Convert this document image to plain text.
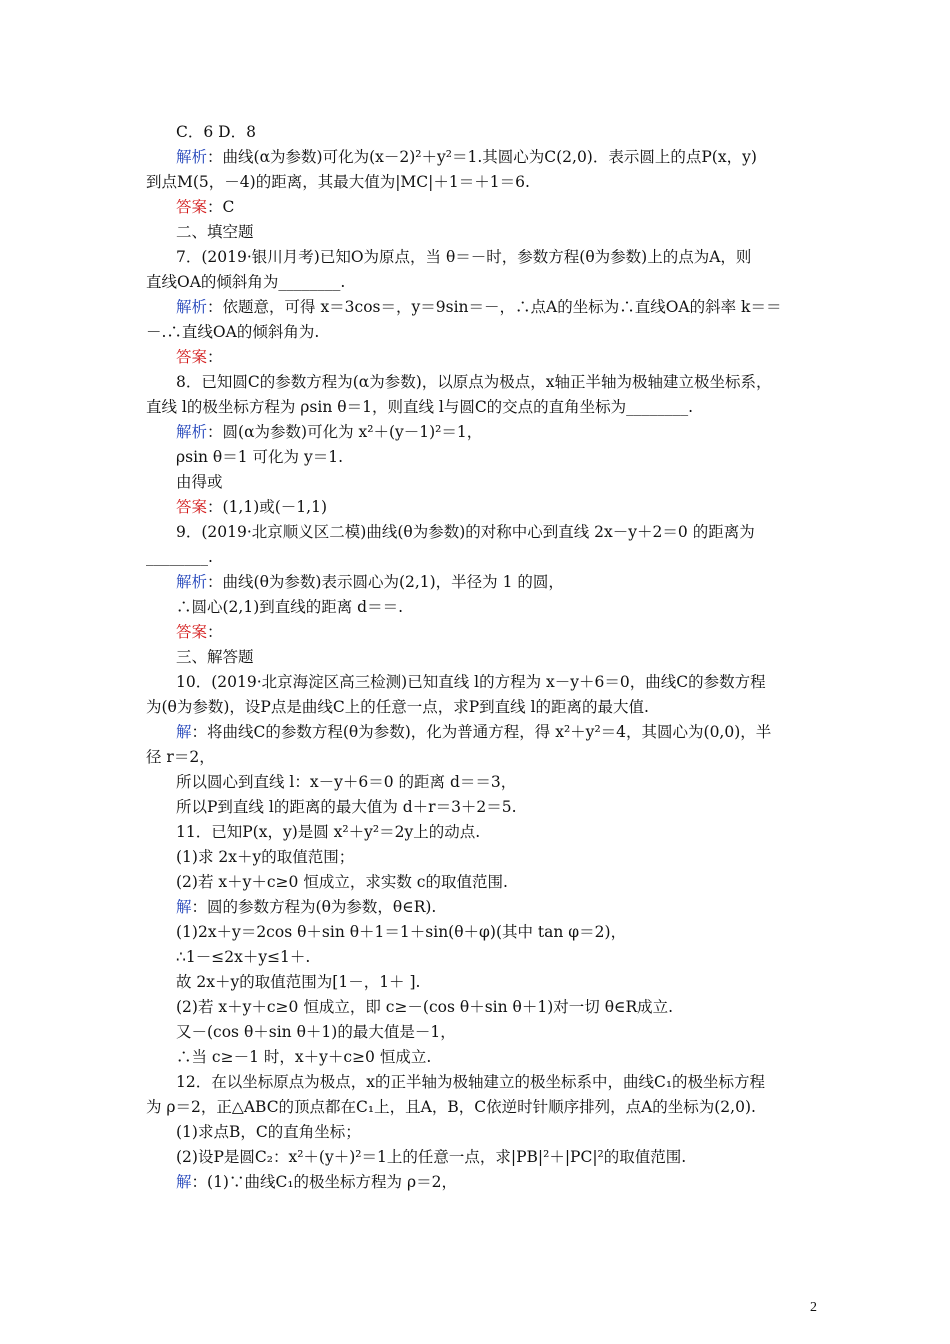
C．6 D．8
解析：曲线(α为参数)可化为(x－2)²＋y²＝1.其圆心为C(2,0)．表示圆上的点P(x，y)
到点M(5，－4)的距离，其最大值为|MC|＋1＝＋1＝6.
答案：C
二、填空题
7．(2019·银川月考)已知O为原点，当 θ＝－时，参数方程(θ为参数)上的点为A，则
直线OA的倾斜角为________.
解析：依题意，可得 x＝3cos＝，y＝9sin＝－，∴点A的坐标为∴直线OA的斜率 k＝＝
－.∴直线OA的倾斜角为.
答案：
8．已知圆C的参数方程为(α为参数)，以原点为极点，x轴正半轴为极轴建立极坐标系，
直线 l的极坐标方程为 ρsin θ＝1，则直线 l与圆C的交点的直角坐标为________.
解析：圆(α为参数)可化为 x²＋(y－1)²＝1，
ρsin θ＝1 可化为 y＝1.
由得或
答案：(1,1)或(－1,1)
9．(2019·北京顺义区二模)曲线(θ为参数)的对称中心到直线 2x－y＋2＝0 的距离为
________.
解析：曲线(θ为参数)表示圆心为(2,1)，半径为 1 的圆，
∴圆心(2,1)到直线的距离 d＝＝.
答案：
三、解答题
10．(2019·北京海淀区高三检测)已知直线 l的方程为 x－y＋6＝0，曲线C的参数方程
为(θ为参数)，设P点是曲线C上的任意一点，求P到直线 l的距离的最大值.
解：将曲线C的参数方程(θ为参数)，化为普通方程，得 x²＋y²＝4，其圆心为(0,0)，半
径 r＝2，
所以圆心到直线 l：x－y＋6＝0 的距离 d＝＝3，
所以P到直线 l的距离的最大值为 d＋r＝3＋2＝5.
11．已知P(x，y)是圆 x²＋y²＝2y上的动点.
(1)求 2x＋y的取值范围；
(2)若 x＋y＋c≥0 恒成立，求实数 c的取值范围.
解：圆的参数方程为(θ为参数，θ∈R).
(1)2x＋y＝2cos θ＋sin θ＋1＝1＋sin(θ＋φ)(其中 tan φ＝2)，
∴1－≤2x＋y≤1＋.
故 2x＋y的取值范围为[1－，1＋ ].
(2)若 x＋y＋c≥0 恒成立，即 c≥－(cos θ＋sin θ＋1)对一切 θ∈R成立.
又－(cos θ＋sin θ＋1)的最大值是－1，
∴当 c≥－1 时，x＋y＋c≥0 恒成立.
12．在以坐标原点为极点，x的正半轴为极轴建立的极坐标系中，曲线C₁的极坐标方程
为 ρ＝2，正△ABC的顶点都在C₁上，且A，B，C依逆时针顺序排列，点A的坐标为(2,0).
(1)求点B，C的直角坐标；
(2)设P是圆C₂：x²＋(y＋)²＝1上的任意一点，求|PB|²＋|PC|²的取值范围.
解：(1)∵曲线C₁的极坐标方程为 ρ＝2，
2
